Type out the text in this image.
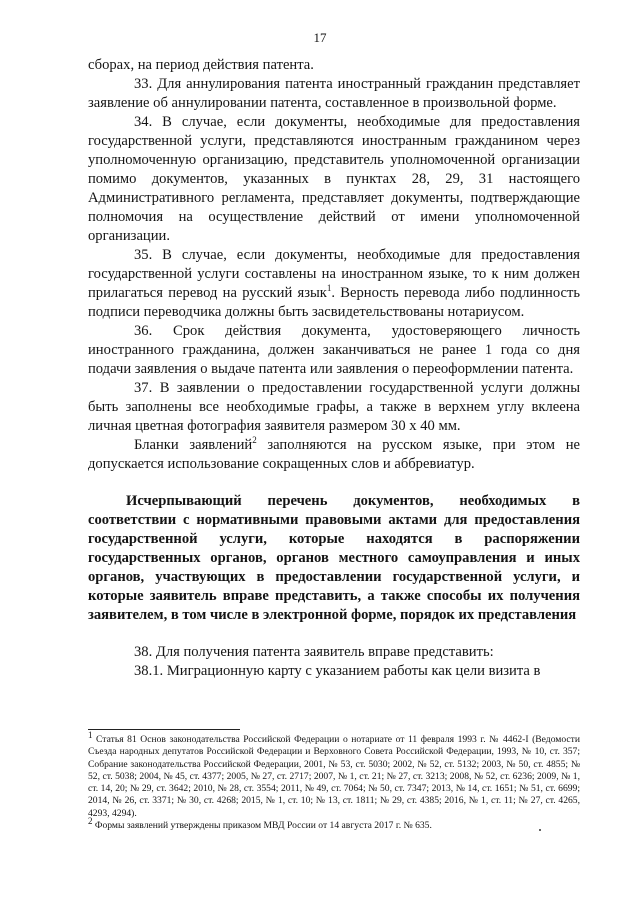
17

сборах, на период действия патента.

33. Для аннулирования патента иностранный гражданин представляет заявление об аннулировании патента, составленное в произвольной форме.

34. В случае, если документы, необходимые для предоставления государственной услуги, представляются иностранным гражданином через уполномоченную организацию, представитель уполномоченной организации помимо документов, указанных в пунктах 28, 29, 31 настоящего Административного регламента, представляет документы, подтверждающие полномочия на осуществление действий от имени уполномоченной организации.

35. В случае, если документы, необходимые для предоставления государственной услуги составлены на иностранном языке, то к ним должен прилагаться перевод на русский язык$^1$. Верность перевода либо подлинность подписи переводчика должны быть засвидетельствованы нотариусом.

36. Срок действия документа, удостоверяющего личность иностранного гражданина, должен заканчиваться не ранее 1 года со дня подачи заявления о выдаче патента или заявления о переоформлении патента.

37. В заявлении о предоставлении государственной услуги должны быть заполнены все необходимые графы, а также в верхнем углу вклеена личная цветная фотография заявителя размером 30 х 40 мм.

Бланки заявлений$^2$ заполняются на русском языке, при этом не допускается использование сокращенных слов и аббревиатур.

Исчерпывающий перечень документов, необходимых в соответствии с нормативными правовыми актами для предоставления государственной услуги, которые находятся в распоряжении государственных органов, органов местного самоуправления и иных органов, участвующих в предоставлении государственной услуги, и которые заявитель вправе представить, а также способы их получения заявителем, в том числе в электронной форме, порядок их представления

38. Для получения патента заявитель вправе представить:

38.1. Миграционную карту с указанием работы как цели визита в

$^1$ Статья 81 Основ законодательства Российской Федерации о нотариате от 11 февраля 1993 г. № 4462-I (Ведомости Съезда народных депутатов Российской Федерации и Верховного Совета Российской Федерации, 1993, № 10, ст. 357; Собрание законодательства Российской Федерации, 2001, № 53, ст. 5030; 2002, № 52, ст. 5132; 2003, № 50, ст. 4855; № 52, ст. 5038; 2004, № 45, ст. 4377; 2005, № 27, ст. 2717; 2007, № 1, ст. 21; № 27, ст. 3213; 2008, № 52, ст. 6236; 2009, № 1, ст. 14, 20; № 29, ст. 3642; 2010, № 28, ст. 3554; 2011, № 49, ст. 7064; № 50, ст. 7347; 2013, № 14, ст. 1651; № 51, ст. 6699; 2014, № 26, ст. 3371; № 30, ст. 4268; 2015, № 1, ст. 10; № 13, ст. 1811; № 29, ст. 4385; 2016, № 1, ст. 11; № 27, ст. 4265, 4293, 4294).

$^2$ Формы заявлений утверждены приказом МВД России от 14 августа 2017 г. № 635.
